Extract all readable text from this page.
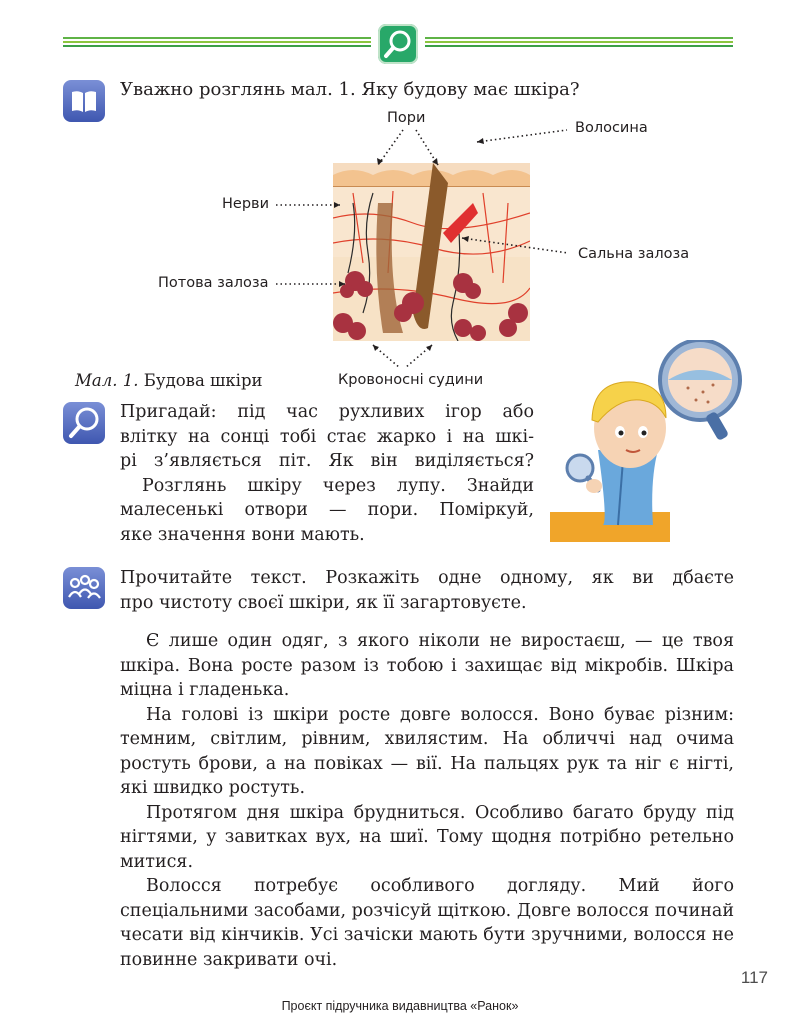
Уважно розглянь мал. 1. Яку будову має шкіра?
Пори
Волосина
Нерви
Сальна залоза
Потова залоза
Кровоносні судини
Мал. 1. Будова шкіри
Пригадай: під час рухливих ігор або
влітку на сонці тобі стає жарко і на шкі-
рі з’являється піт. Як він виділяється?
Розглянь шкіру через лупу. Знайди
малесенькі отвори — пори. Поміркуй,
яке значення вони мають.
Прочитайте текст. Розкажіть одне одному, як ви дбаєте
про чистоту своєї шкіри, як її загартовуєте.

Є лише один одяг, з якого ніколи не виростаєш, — це твоя шкіра. Вона росте разом із тобою і захищає від мікробів. Шкіра міцна і гладенька.

На голові із шкіри росте довге волосся. Воно буває різним: темним, світлим, рівним, хвилястим. На обличчі над очима ростуть брови, а на повіках — вії. На пальцях рук та ніг є нігті, які швидко ростуть.

Протягом дня шкіра брудниться. Особливо багато бруду під нігтями, у завитках вух, на шиї. Тому щодня потрібно ретельно митися.

Волосся потребує особливого догляду. Мий його спеціальними засобами, розчісуй щіткою. Довге волосся починай чесати від кінчиків. Усі зачіски мають бути зручними, волосся не повинне закривати очі.

117
Проєкт підручника видавництва «Ранок»
